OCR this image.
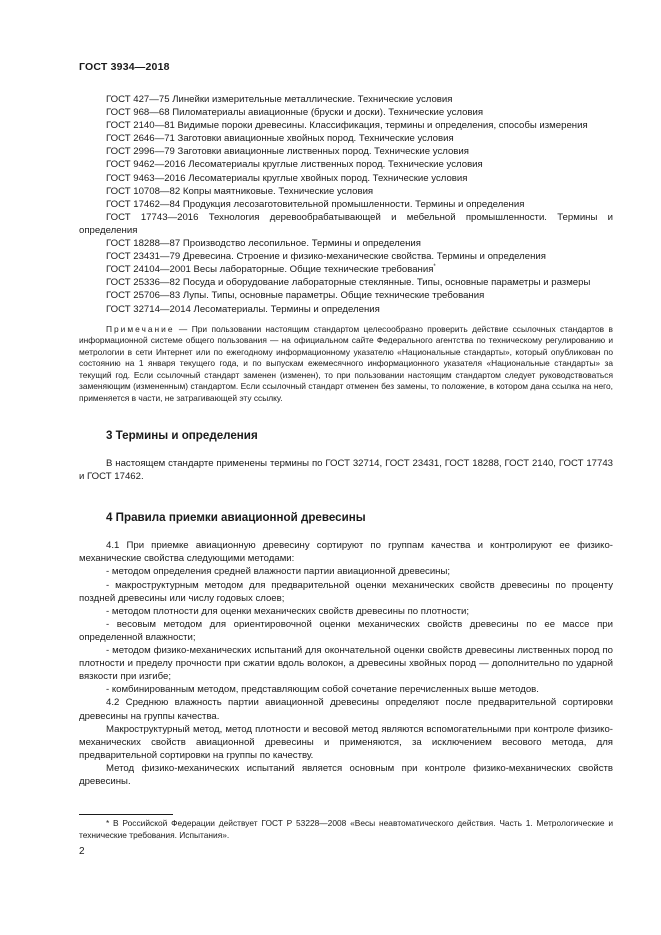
ГОСТ 3934—2018

ГОСТ 427—75 Линейки измерительные металлические. Технические условия

ГОСТ 968—68 Пиломатериалы авиационные (бруски и доски). Технические условия

ГОСТ 2140—81 Видимые пороки древесины. Классификация, термины и определения, способы измерения

ГОСТ 2646—71 Заготовки авиационные хвойных пород. Технические условия

ГОСТ 2996—79 Заготовки авиационные лиственных пород. Технические условия

ГОСТ 9462—2016 Лесоматериалы круглые лиственных пород. Технические условия

ГОСТ 9463—2016 Лесоматериалы круглые хвойных пород. Технические условия

ГОСТ 10708—82 Копры маятниковые. Технические условия

ГОСТ 17462—84 Продукция лесозаготовительной промышленности. Термины и определения

ГОСТ 17743—2016 Технология деревообрабатывающей и мебельной промышленности. Термины и определения

ГОСТ 18288—87 Производство лесопильное. Термины и определения

ГОСТ 23431—79 Древесина. Строение и физико-механические свойства. Термины и определения

ГОСТ 24104—2001 Весы лабораторные. Общие технические требования*

ГОСТ 25336—82 Посуда и оборудование лабораторные стеклянные. Типы, основные параметры и размеры

ГОСТ 25706—83 Лупы. Типы, основные параметры. Общие технические требования

ГОСТ 32714—2014 Лесоматериалы. Термины и определения

Примечание — При пользовании настоящим стандартом целесообразно проверить действие ссылочных стандартов в информационной системе общего пользования — на официальном сайте Федерального агентства по техническому регулированию и метрологии в сети Интернет или по ежегодному информационному указателю «Национальные стандарты», который опубликован по состоянию на 1 января текущего года, и по выпускам ежемесячного информационного указателя «Национальные стандарты» за текущий год. Если ссылочный стандарт заменен (изменен), то при пользовании настоящим стандартом следует руководствоваться заменяющим (измененным) стандартом. Если ссылочный стандарт отменен без замены, то положение, в котором дана ссылка на него, применяется в части, не затрагивающей эту ссылку.

3 Термины и определения

В настоящем стандарте применены термины по ГОСТ 32714, ГОСТ 23431, ГОСТ 18288, ГОСТ 2140, ГОСТ 17743 и ГОСТ 17462.

4 Правила приемки авиационной древесины

4.1 При приемке авиационную древесину сортируют по группам качества и контролируют ее физико-механические свойства следующими методами:

- методом определения средней влажности партии авиационной древесины;

- макроструктурным методом для предварительной оценки механических свойств древесины по проценту поздней древесины или числу годовых слоев;

- методом плотности для оценки механических свойств древесины по плотности;

- весовым методом для ориентировочной оценки механических свойств древесины по ее массе при определенной влажности;

- методом физико-механических испытаний для окончательной оценки свойств древесины лиственных пород по плотности и пределу прочности при сжатии вдоль волокон, а древесины хвойных пород — дополнительно по ударной вязкости при изгибе;

- комбинированным методом, представляющим собой сочетание перечисленных выше методов.

4.2 Среднюю влажность партии авиационной древесины определяют после предварительной сортировки древесины на группы качества.

Макроструктурный метод, метод плотности и весовой метод являются вспомогательными при контроле физико-механических свойств авиационной древесины и применяются, за исключением весового метода, для предварительной сортировки на группы по качеству.

Метод физико-механических испытаний является основным при контроле физико-механических свойств древесины.

* В Российской Федерации действует ГОСТ Р 53228—2008 «Весы неавтоматического действия. Часть 1. Метрологические и технические требования. Испытания».
2
